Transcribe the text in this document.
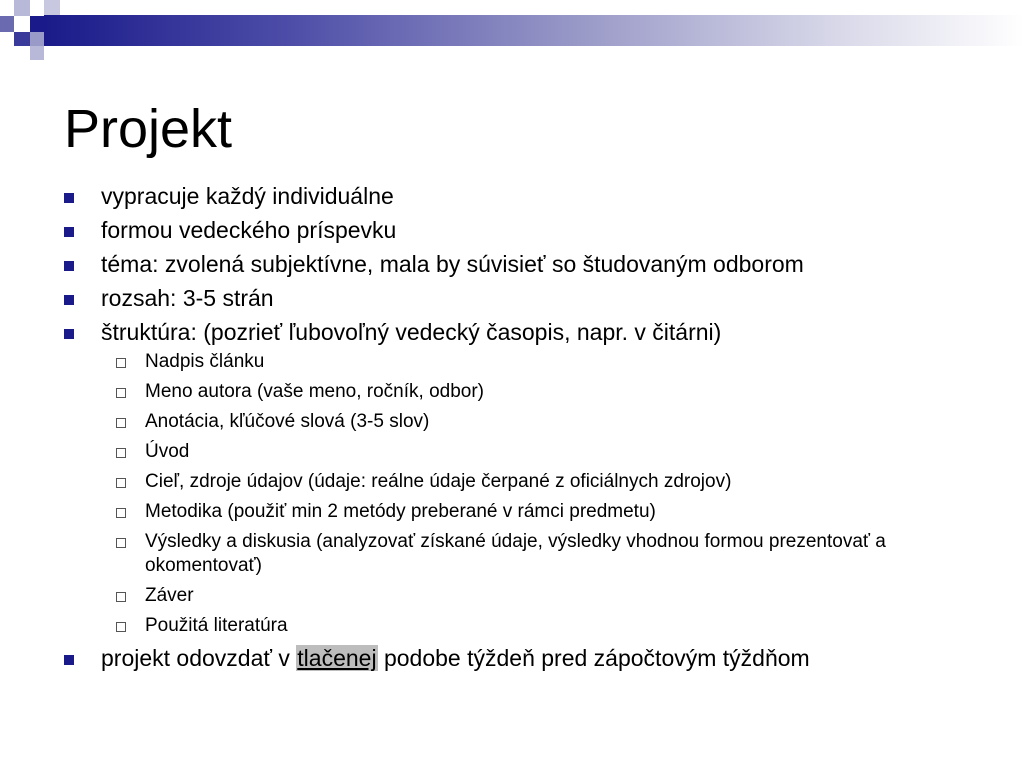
Projekt

vypracuje každý individuálne

formou vedeckého príspevku

téma: zvolená subjektívne, mala by súvisieť so študovaným odborom

rozsah: 3-5 strán

štruktúra: (pozrieť ľubovoľný vedecký časopis, napr. v čitárni)

Nadpis článku

Meno autora (vaše meno, ročník, odbor)

Anotácia, kľúčové slová (3-5 slov)

Úvod

Cieľ, zdroje údajov (údaje: reálne údaje čerpané z oficiálnych zdrojov)

Metodika (použiť min 2 metódy preberané v rámci predmetu)

Výsledky a diskusia (analyzovať získané údaje, výsledky vhodnou formou prezentovať a okomentovať)

Záver

Použitá literatúra

projekt odovzdať v tlačenej podobe týždeň pred zápočtovým týždňom
